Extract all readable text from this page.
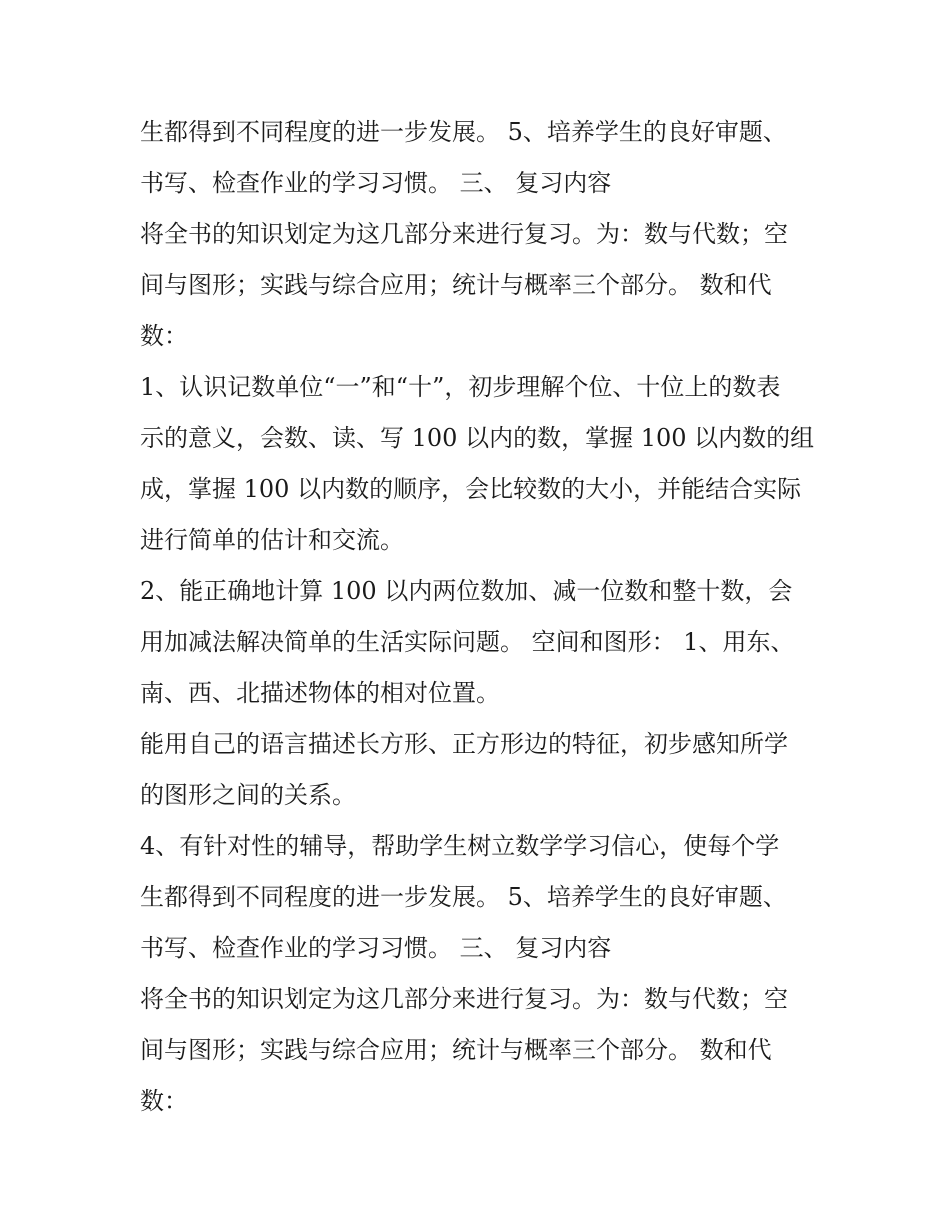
生都得到不同程度的进一步发展。 5、培养学生的良好审题、
书写、检查作业的学习习惯。 三、 复习内容
将全书的知识划定为这几部分来进行复习。为：数与代数；空
间与图形；实践与综合应用；统计与概率三个部分。 数和代
数：
1、认识记数单位“一”和“十”，初步理解个位、十位上的数表
示的意义，会数、读、写 100 以内的数，掌握 100 以内数的组
成，掌握 100 以内数的顺序，会比较数的大小，并能结合实际
进行简单的估计和交流。
2、能正确地计算 100 以内两位数加、减一位数和整十数，会
用加减法解决简单的生活实际问题。 空间和图形： 1、用东、
南、西、北描述物体的相对位置。
能用自己的语言描述长方形、正方形边的特征，初步感知所学
的图形之间的关系。
4、有针对性的辅导，帮助学生树立数学学习信心，使每个学
生都得到不同程度的进一步发展。 5、培养学生的良好审题、
书写、检查作业的学习习惯。 三、 复习内容
将全书的知识划定为这几部分来进行复习。为：数与代数；空
间与图形；实践与综合应用；统计与概率三个部分。 数和代
数：
